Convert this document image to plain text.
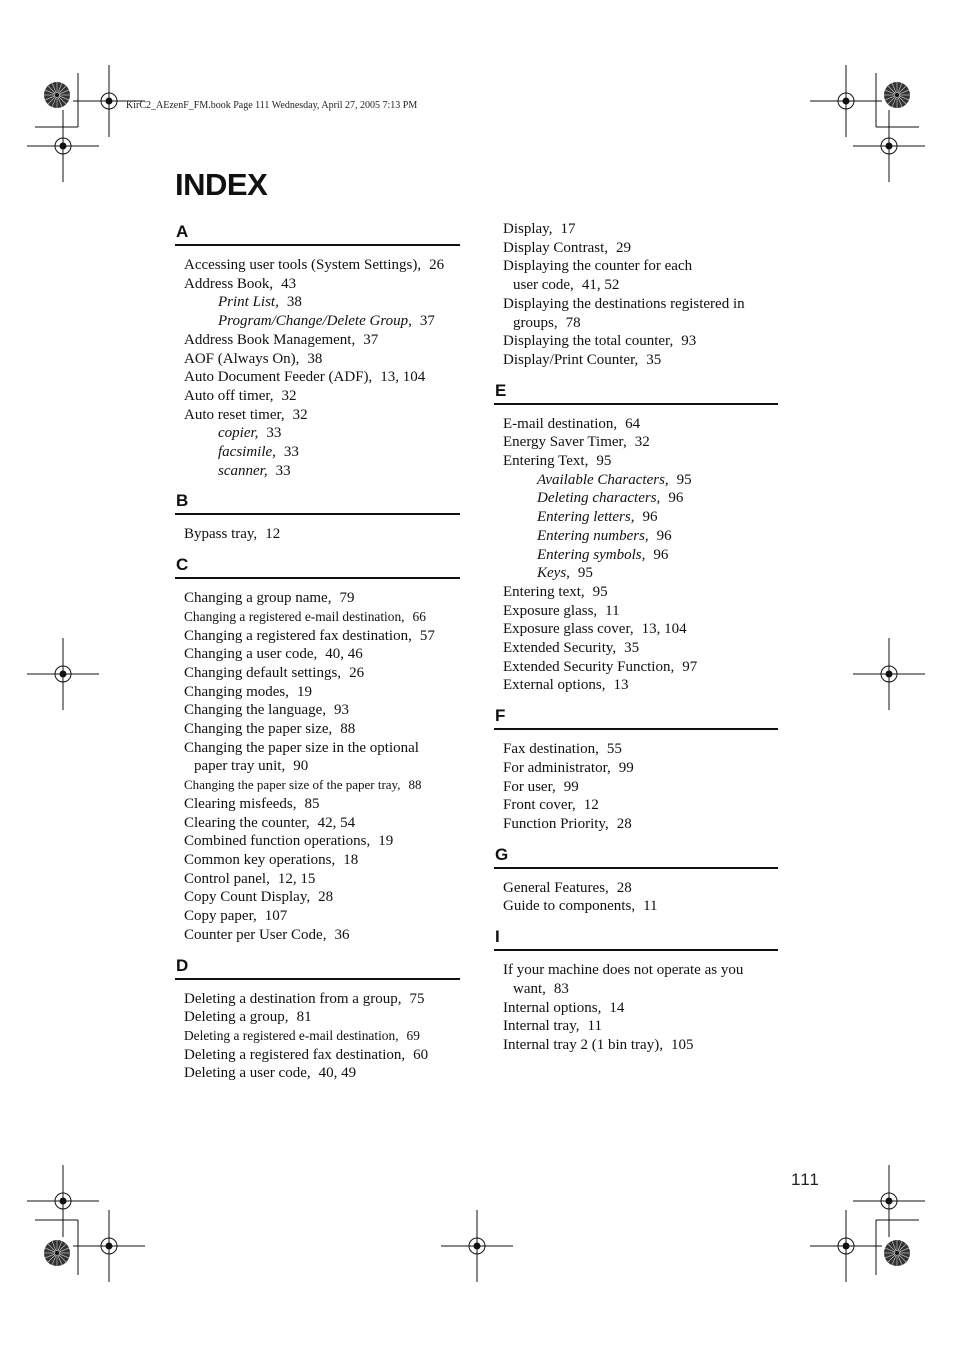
KirC2_AEzenF_FM.book Page 111 Wednesday, April 27, 2005 7:13 PM
INDEX
A
Accessing user tools (System Settings), 26
Address Book, 43
Print List, 38
Program/Change/Delete Group, 37
Address Book Management, 37
AOF (Always On), 38
Auto Document Feeder (ADF), 13, 104
Auto off timer, 32
Auto reset timer, 32
copier, 33
facsimile, 33
scanner, 33
B
Bypass tray, 12
C
Changing a group name, 79
Changing a registered e-mail destination, 66
Changing a registered fax destination, 57
Changing a user code, 40, 46
Changing default settings, 26
Changing modes, 19
Changing the language, 93
Changing the paper size, 88
Changing the paper size in the optional
paper tray unit, 90
Changing the paper size of the paper tray, 88
Clearing misfeeds, 85
Clearing the counter, 42, 54
Combined function operations, 19
Common key operations, 18
Control panel, 12, 15
Copy Count Display, 28
Copy paper, 107
Counter per User Code, 36
D
Deleting a destination from a group, 75
Deleting a group, 81
Deleting a registered e-mail destination, 69
Deleting a registered fax destination, 60
Deleting a user code, 40, 49
Display, 17
Display Contrast, 29
Displaying the counter for each
user code, 41, 52
Displaying the destinations registered in
groups, 78
Displaying the total counter, 93
Display/Print Counter, 35
E
E-mail destination, 64
Energy Saver Timer, 32
Entering Text, 95
Available Characters, 95
Deleting characters, 96
Entering letters, 96
Entering numbers, 96
Entering symbols, 96
Keys, 95
Entering text, 95
Exposure glass, 11
Exposure glass cover, 13, 104
Extended Security, 35
Extended Security Function, 97
External options, 13
F
Fax destination, 55
For administrator, 99
For user, 99
Front cover, 12
Function Priority, 28
G
General Features, 28
Guide to components, 11
I
If your machine does not operate as you
want, 83
Internal options, 14
Internal tray, 11
Internal tray 2 (1 bin tray), 105
111
